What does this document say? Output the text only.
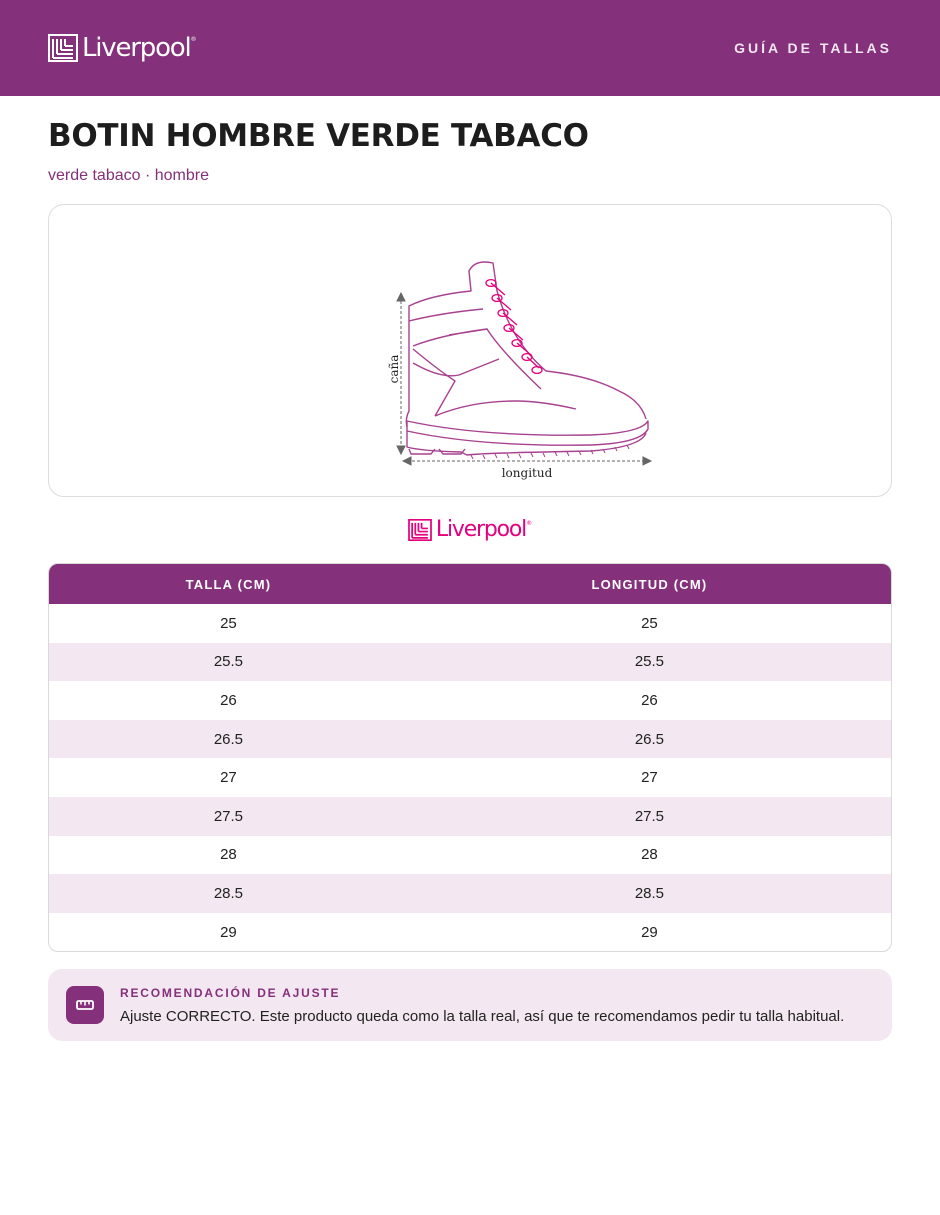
Liverpool®
GUÍA DE TALLAS
BOTIN HOMBRE VERDE TABACO
verde tabaco · hombre
caña
longitud
Liverpool®
TALLA (CM)	LONGITUD (CM)
25	25
25.5	25.5
26	26
26.5	26.5
27	27
27.5	27.5
28	28
28.5	28.5
29	29
RECOMENDACIÓN DE AJUSTE
Ajuste CORRECTO. Este producto queda como la talla real, así que te recomendamos pedir tu talla habitual.
